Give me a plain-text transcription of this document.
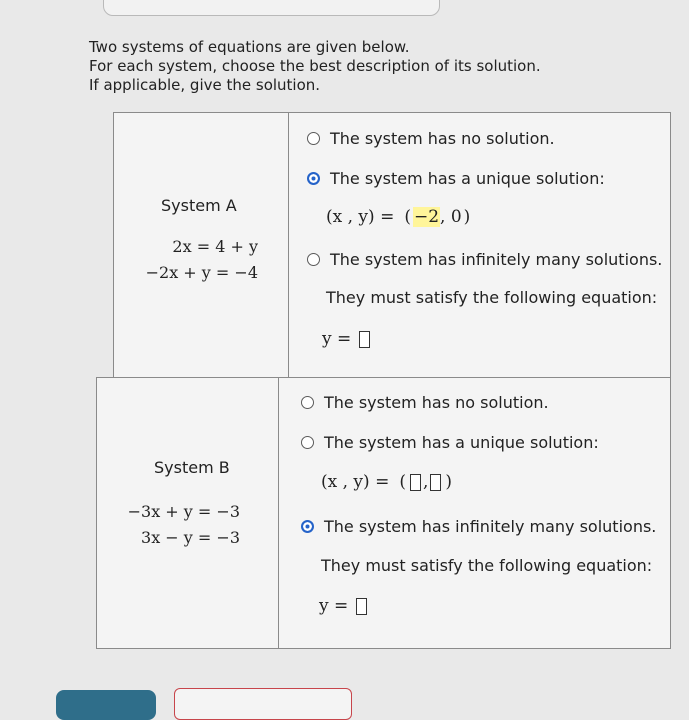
Two systems of equations are given below.
For each system, choose the best description of its solution.
If applicable, give the solution.
System A
2x = 4 + y
−2x + y = −4
The system has no solution.
The system has a unique solution:
(x , y) = ( −2 , 0 )
The system has infinitely many solutions.
They must satisfy the following equation:
y =
System B
−3x + y = −3
3x − y = −3
The system has no solution.
The system has a unique solution:
(x , y) = ( , )
The system has infinitely many solutions.
They must satisfy the following equation:
y =
